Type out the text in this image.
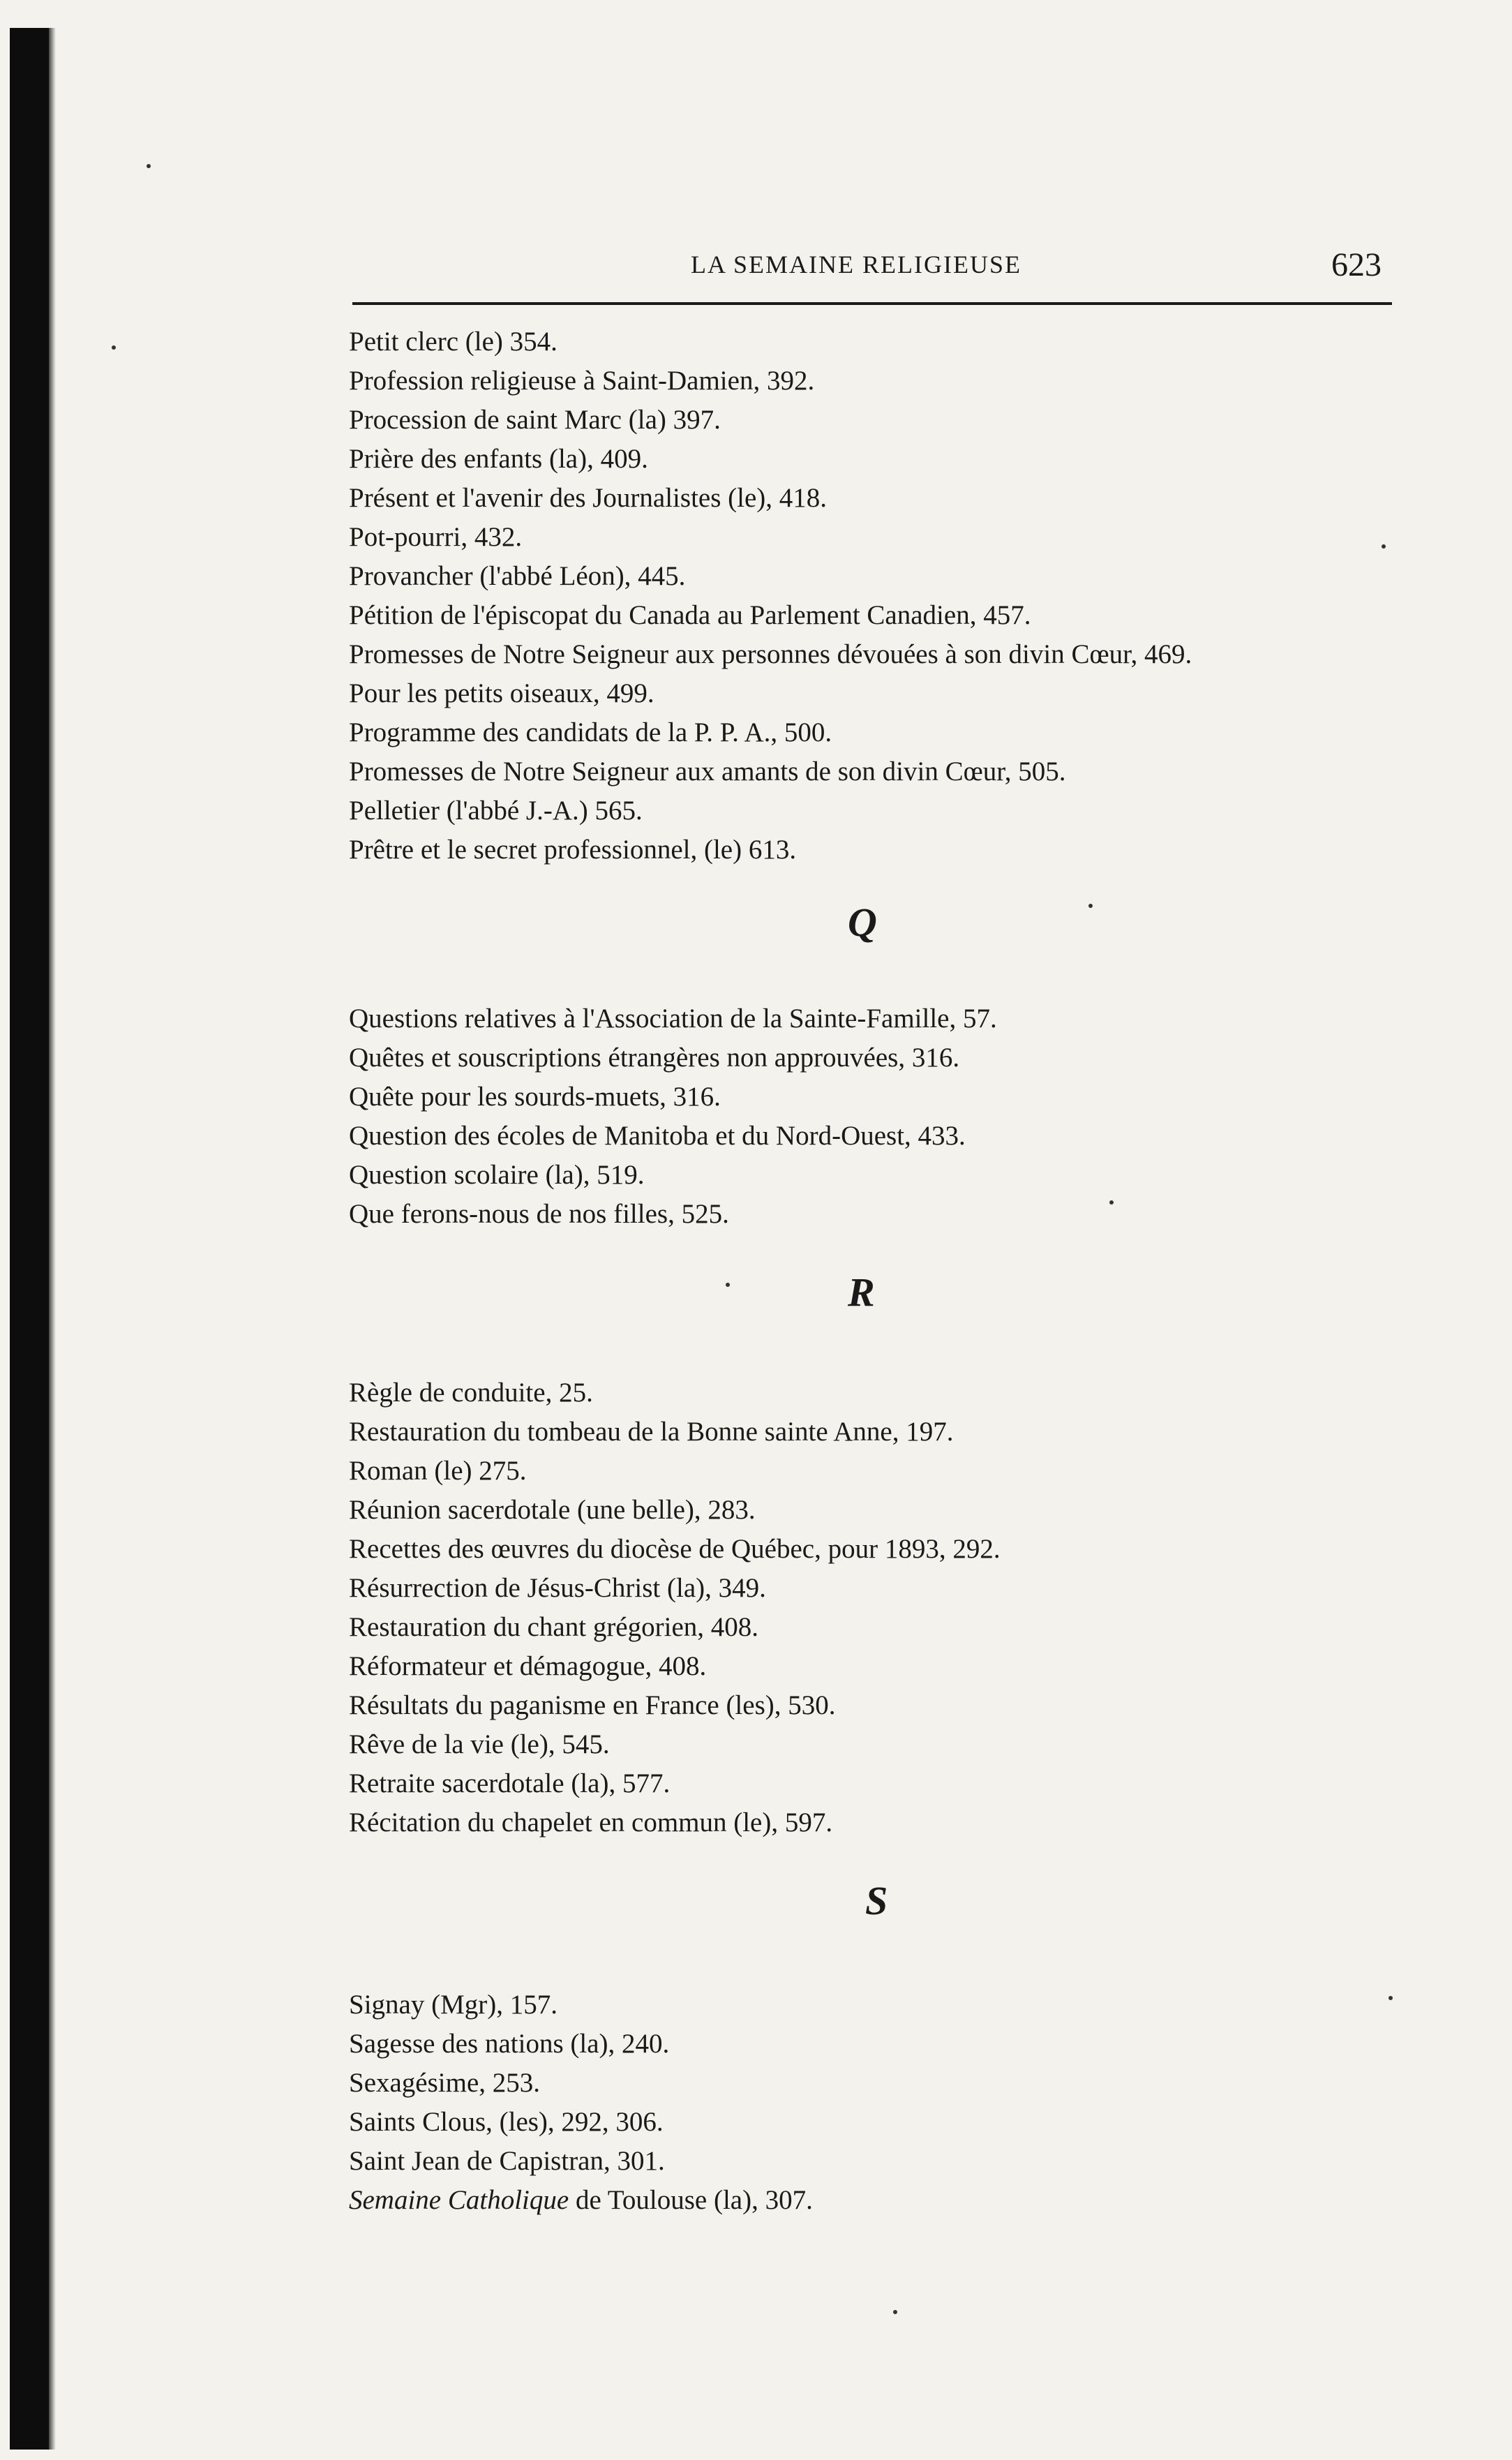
LA SEMAINE RELIGIEUSE	623
Petit clerc (le) 354.
Profession religieuse à Saint-Damien, 392.
Procession de saint Marc (la) 397.
Prière des enfants (la), 409.
Présent et l'avenir des Journalistes (le), 418.
Pot-pourri, 432.
Provancher (l'abbé Léon), 445.
Pétition de l'épiscopat du Canada au Parlement Canadien, 457.
Promesses de Notre Seigneur aux personnes dévouées à son divin Cœur, 469.
Pour les petits oiseaux, 499.
Programme des candidats de la P. P. A., 500.
Promesses de Notre Seigneur aux amants de son divin Cœur, 505.
Pelletier (l'abbé J.-A.) 565.
Prêtre et le secret professionnel, (le) 613.
Q
Questions relatives à l'Association de la Sainte-Famille, 57.
Quêtes et souscriptions étrangères non approuvées, 316.
Quête pour les sourds-muets, 316.
Question des écoles de Manitoba et du Nord-Ouest, 433.
Question scolaire (la), 519.
Que ferons-nous de nos filles, 525.
R
Règle de conduite, 25.
Restauration du tombeau de la Bonne sainte Anne, 197.
Roman (le) 275.
Réunion sacerdotale (une belle), 283.
Recettes des œuvres du diocèse de Québec, pour 1893, 292.
Résurrection de Jésus-Christ (la), 349.
Restauration du chant grégorien, 408.
Réformateur et démagogue, 408.
Résultats du paganisme en France (les), 530.
Rêve de la vie (le), 545.
Retraite sacerdotale (la), 577.
Récitation du chapelet en commun (le), 597.
S
Signay (Mgr), 157.
Sagesse des nations (la), 240.
Sexagésime, 253.
Saints Clous, (les), 292, 306.
Saint Jean de Capistran, 301.
Semaine Catholique de Toulouse (la), 307.
